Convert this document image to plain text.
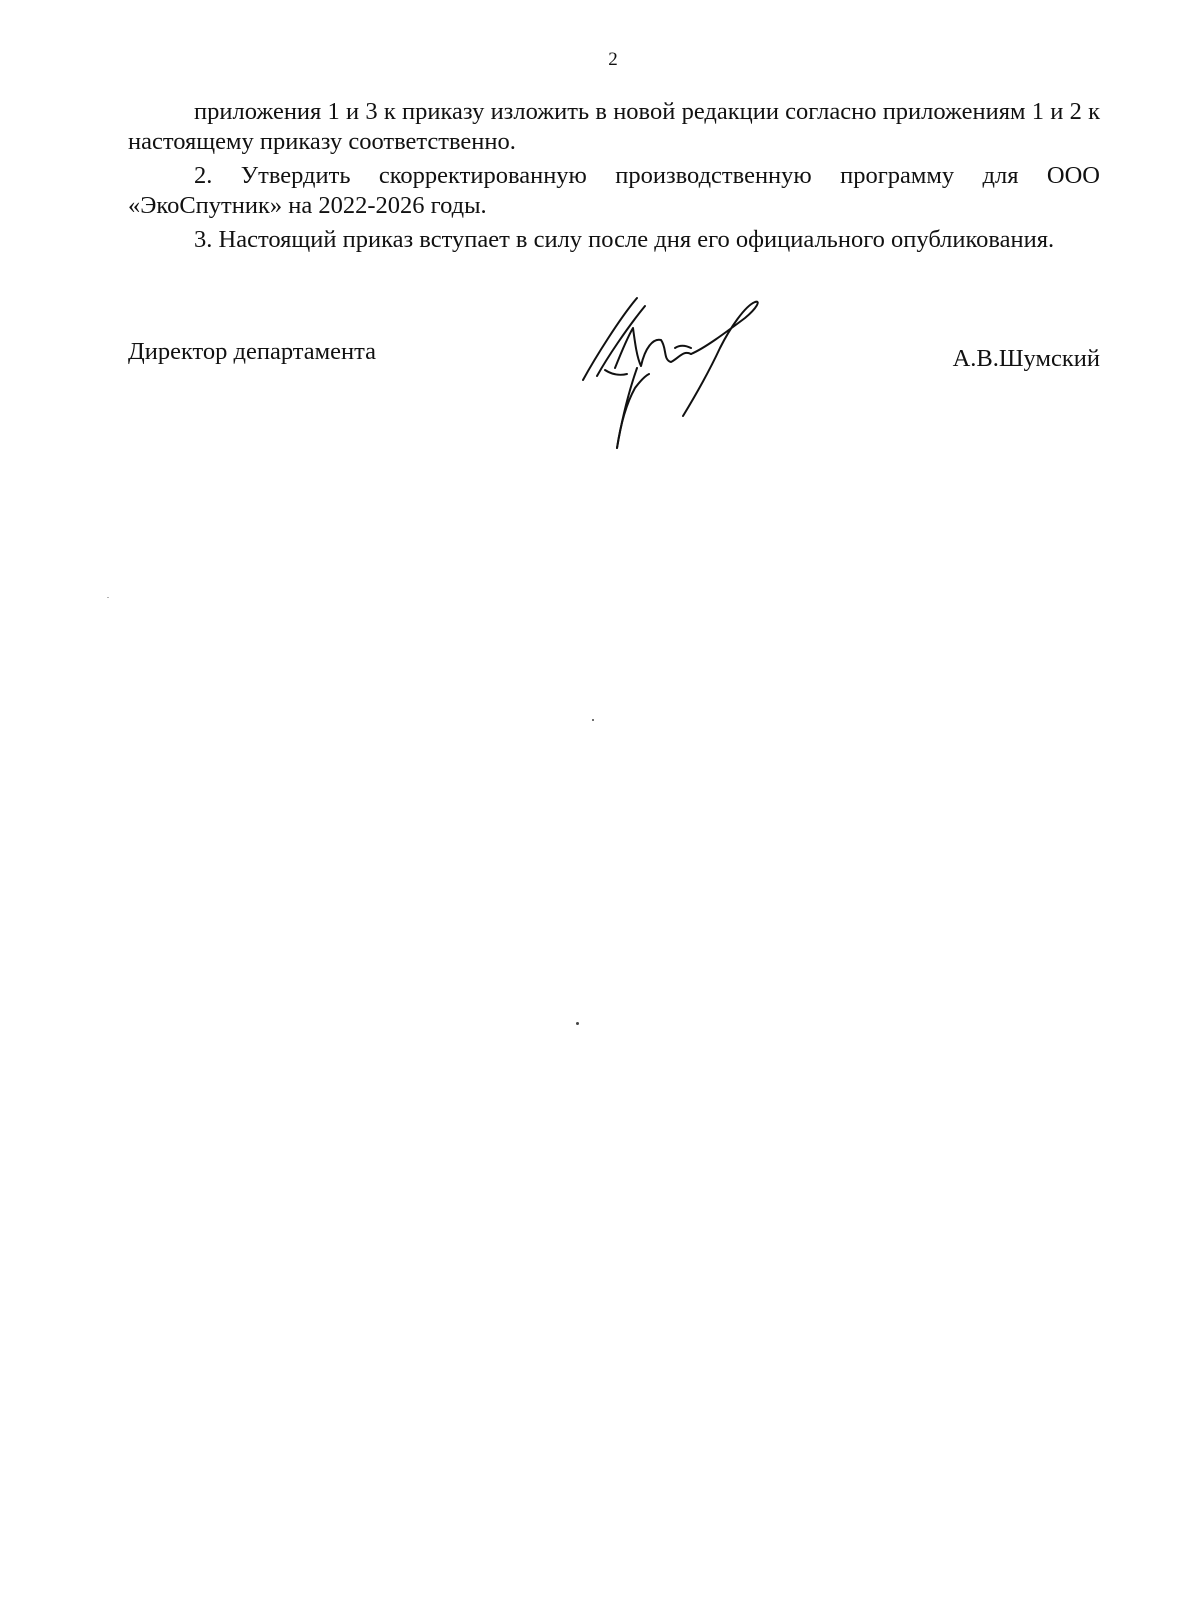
2

приложения 1 и 3 к приказу изложить в новой редакции согласно приложениям 1 и 2 к настоящему приказу соответственно.

2. Утвердить скорректированную производственную программу для ООО «ЭкоСпутник» на 2022-2026 годы.

3. Настоящий приказ вступает в силу после дня его официального опубликования.

Директор департамента	А.В.Шумский
